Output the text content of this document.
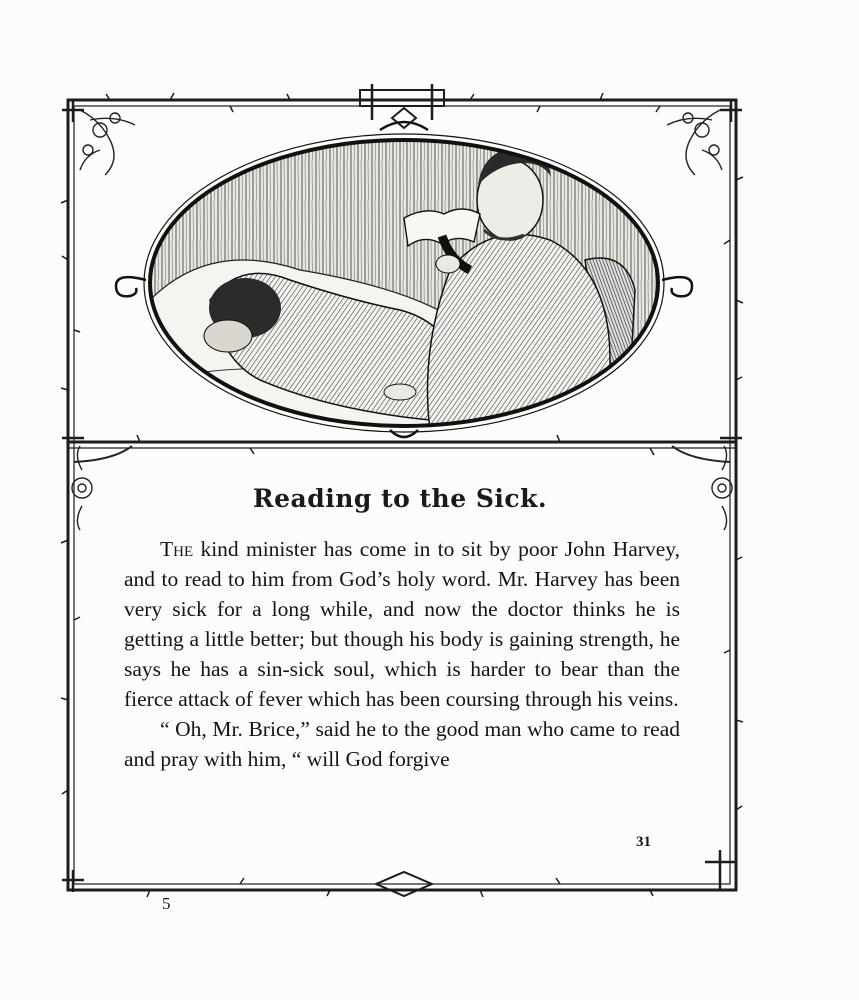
Reading to the Sick.

The kind minister has come in to sit by poor John Harvey, and to read to him from God’s holy word. Mr. Harvey has been very sick for a long while, and now the doctor thinks he is getting a little better; but though his body is gaining strength, he says he has a sin-sick soul, which is harder to bear than the fierce attack of fever which has been coursing through his veins.

“ Oh, Mr. Brice,” said he to the good man who came to read and pray with him, “ will God forgive

31
5
